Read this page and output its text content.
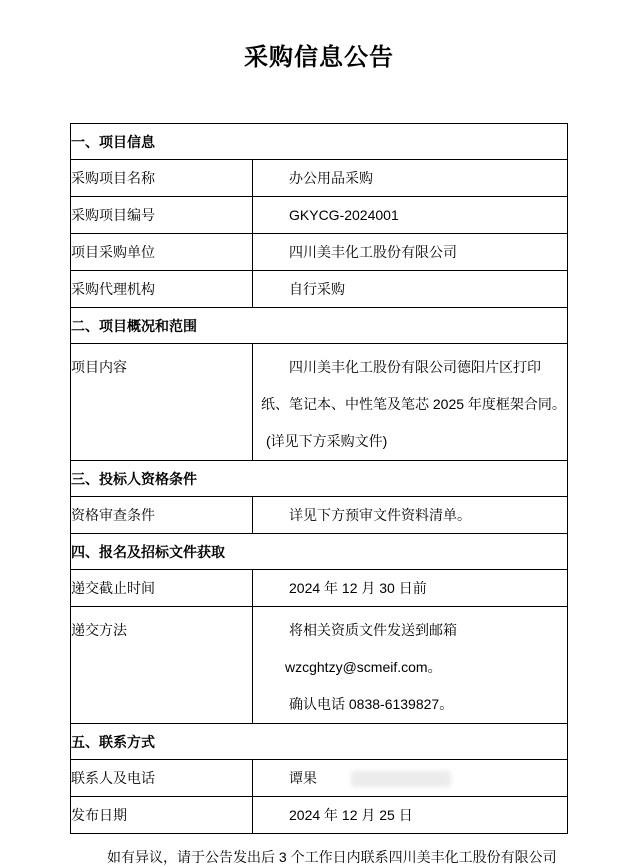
采购信息公告
一、项目信息	
采购项目名称	办公用品采购

采购项目编号	GKYCG-2024001

项目采购单位	四川美丰化工股份有限公司

采购代理机构	自行采购

二、项目概况和范围	

项目内容	四川美丰化工股份有限公司德阳片区打印

纸、笔记本、中性笔及笔芯 2025 年度框架合同。

(详见下方采购文件)

三、投标人资格条件	
资格审查条件	详见下方预审文件资料清单。

四、报名及招标文件获取	
递交截止时间	2024 年 12 月 30 日前

递交方法	将相关资质文件发送到邮箱

wzcghtzy@scmeif.com。

确认电话 0838-6139827。

五、联系方式	
联系人及电话	谭果

发布日期	2024 年 12 月 25 日

如有异议，请于公告发出后 3 个工作日内联系四川美丰化工股份有限公司
